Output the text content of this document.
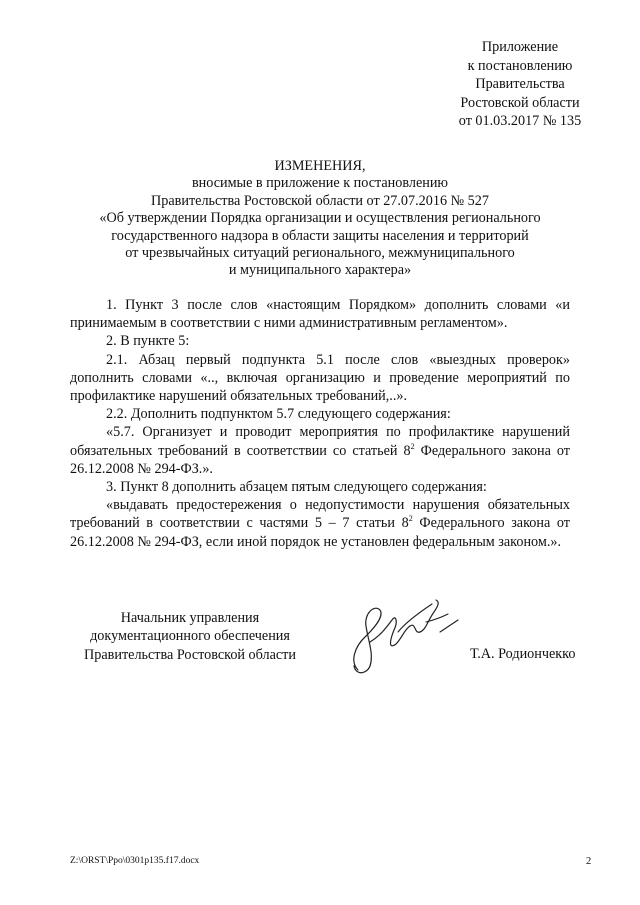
Приложение
к постановлению
Правительства
Ростовской области
от 01.03.2017 № 135
ИЗМЕНЕНИЯ,
вносимые в приложение к постановлению
Правительства Ростовской области от 27.07.2016 № 527
«Об утверждении Порядка организации и осуществления регионального
государственного надзора в области защиты населения и территорий
от чрезвычайных ситуаций регионального, межмуниципального
и муниципального характера»

1. Пункт 3 после слов «настоящим Порядком» дополнить словами «и принимаемым в соответствии с ними административным регламентом».

2. В пункте 5:

2.1. Абзац первый подпункта 5.1 после слов «выездных проверок» дополнить словами «.., включая организацию и проведение мероприятий по профилактике нарушений обязательных требований,..».

2.2. Дополнить подпунктом 5.7 следующего содержания:

«5.7. Организует и проводит мероприятия по профилактике нарушений обязательных требований в соответствии со статьей $8^2$ Федерального закона от 26.12.2008 № 294-ФЗ.».

3. Пункт 8 дополнить абзацем пятым следующего содержания:

«выдавать предостережения о недопустимости нарушения обязательных требований в соответствии с частями 5 – 7 статьи $8^2$ Федерального закона от 26.12.2008 № 294-ФЗ, если иной порядок не установлен федеральным законом.».

Начальник управления
документационного обеспечения
Правительства Ростовской области	Т.А. Родиончекко
Z:\ORST\Ppo\0301p135.f17.docx	2
